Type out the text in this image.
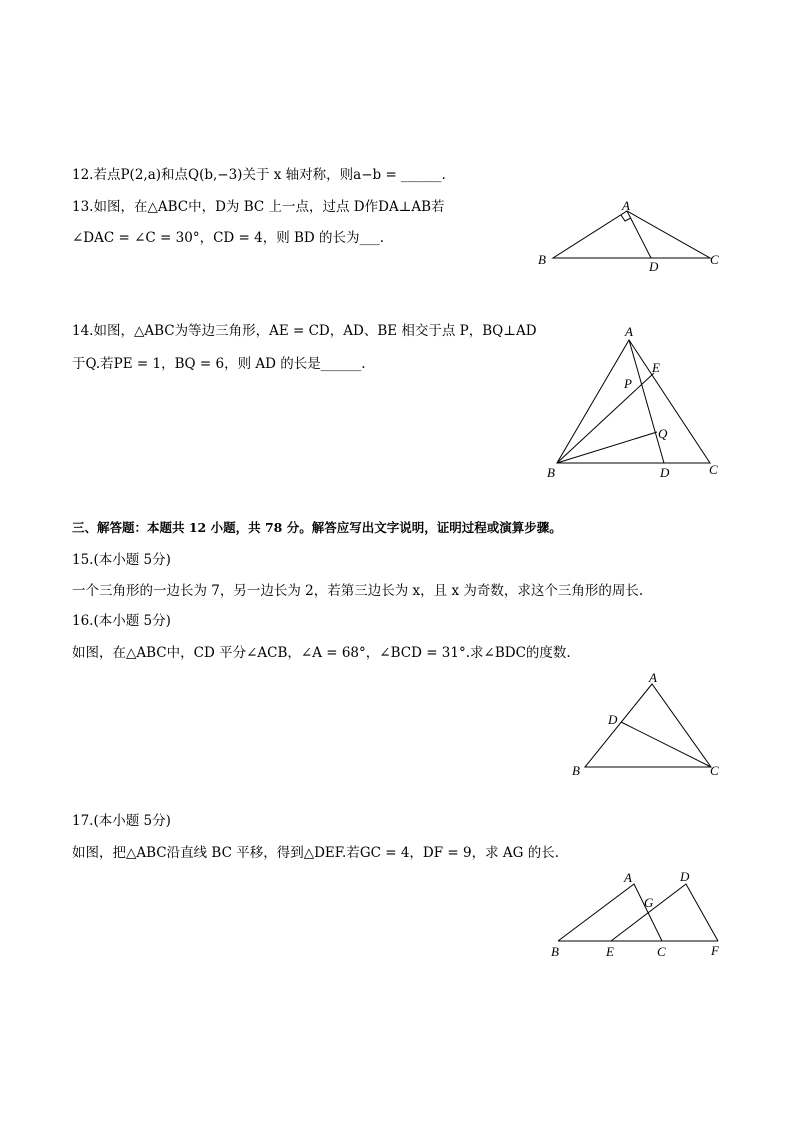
12.若点P(2,a)和点Q(b,−3)关于 x 轴对称，则a−b = ______.
13.如图，在△ABC中，D为 BC 上一点，过点 D作DA⊥AB若
∠DAC = ∠C = 30°，CD = 4，则 BD 的长为___.
A
B	C
D
14.如图，△ABC为等边三角形，AE = CD，AD、BE 相交于点 P，BQ⊥AD
于Q.若PE = 1，BQ = 6，则 AD 的长是______.
A
E
P
Q
B	D	C
三、解答题：本题共 12 小题，共 78 分。解答应写出文字说明，证明过程或演算步骤。
15.(本小题 5分)
一个三角形的一边长为 7，另一边长为 2，若第三边长为 x，且 x 为奇数，求这个三角形的周长.
16.(本小题 5分)
如图，在△ABC中，CD 平分∠ACB，∠A = 68°，∠BCD = 31°.求∠BDC的度数.
A
D
B	C
17.(本小题 5分)
如图，把△ABC沿直线 BC 平移，得到△DEF.若GC = 4，DF = 9，求 AG 的长.
A	D
G
B	E	C	F
